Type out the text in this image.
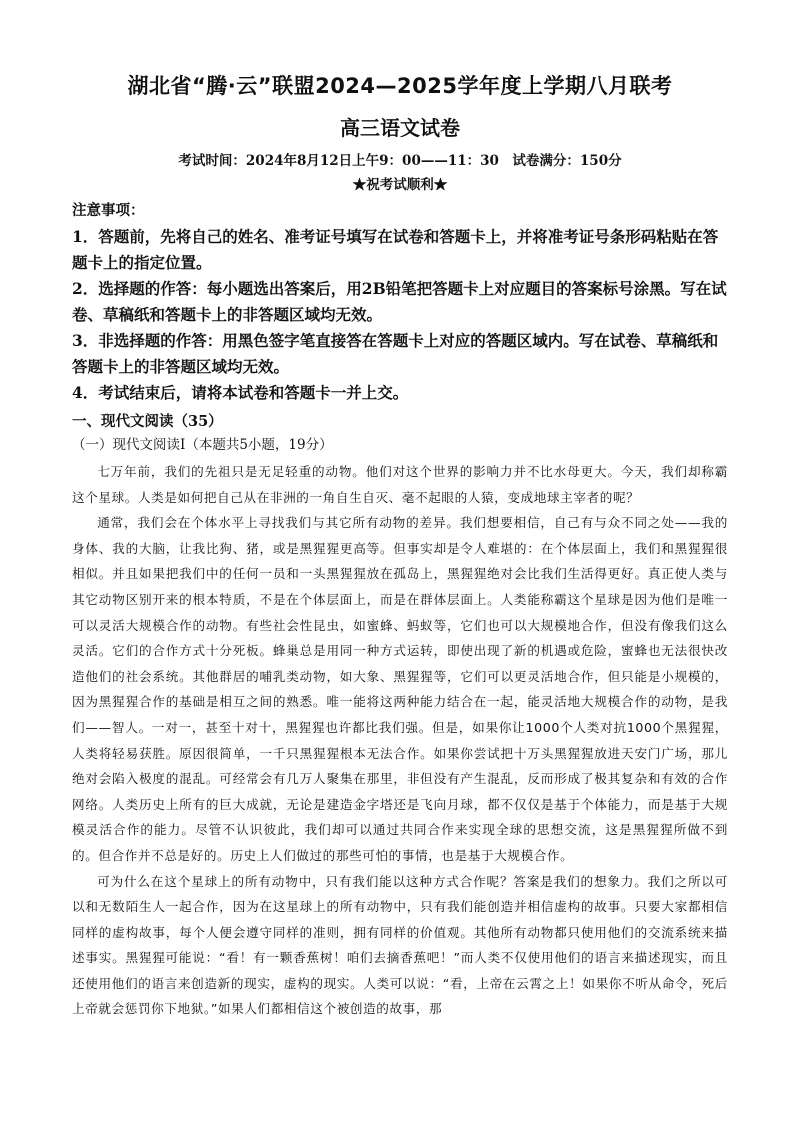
湖北省“腾·云”联盟2024—2025学年度上学期八月联考
高三语文试卷
考试时间：2024年8月12日上午9：00——11：30　试卷满分：150分
★祝考试顺利★
注意事项：

1．答题前，先将自己的姓名、准考证号填写在试卷和答题卡上，并将准考证号条形码粘贴在答题卡上的指定位置。

2．选择题的作答：每小题选出答案后，用2B铅笔把答题卡上对应题目的答案标号涂黑。写在试卷、草稿纸和答题卡上的非答题区域均无效。

3．非选择题的作答：用黑色签字笔直接答在答题卡上对应的答题区域内。写在试卷、草稿纸和答题卡上的非答题区域均无效。

4．考试结束后，请将本试卷和答题卡一并上交。

一、现代文阅读（35）
（一）现代文阅读Ⅰ（本题共5小题，19分）

七万年前，我们的先祖只是无足轻重的动物。他们对这个世界的影响力并不比水母更大。今天，我们却称霸这个星球。人类是如何把自己从在非洲的一角自生自灭、毫不起眼的人猿，变成地球主宰者的呢？

通常，我们会在个体水平上寻找我们与其它所有动物的差异。我们想要相信，自己有与众不同之处——我的身体、我的大脑，让我比狗、猪，或是黑猩猩更高等。但事实却是令人难堪的：在个体层面上，我们和黑猩猩很相似。并且如果把我们中的任何一员和一头黑猩猩放在孤岛上，黑猩猩绝对会比我们生活得更好。真正使人类与其它动物区别开来的根本特质，不是在个体层面上，而是在群体层面上。人类能称霸这个星球是因为他们是唯一可以灵活大规模合作的动物。有些社会性昆虫，如蜜蜂、蚂蚁等，它们也可以大规模地合作，但没有像我们这么灵活。它们的合作方式十分死板。蜂巢总是用同一种方式运转，即使出现了新的机遇或危险，蜜蜂也无法很快改造他们的社会系统。其他群居的哺乳类动物，如大象、黑猩猩等，它们可以更灵活地合作，但只能是小规模的，因为黑猩猩合作的基础是相互之间的熟悉。唯一能将这两种能力结合在一起，能灵活地大规模合作的动物，是我们——智人。一对一，甚至十对十，黑猩猩也许都比我们强。但是，如果你让1000个人类对抗1000个黑猩猩，人类将轻易获胜。原因很简单，一千只黑猩猩根本无法合作。如果你尝试把十万头黑猩猩放进天安门广场，那儿绝对会陷入极度的混乱。可经常会有几万人聚集在那里，非但没有产生混乱，反而形成了极其复杂和有效的合作网络。人类历史上所有的巨大成就，无论是建造金字塔还是飞向月球，都不仅仅是基于个体能力，而是基于大规模灵活合作的能力。尽管不认识彼此，我们却可以通过共同合作来实现全球的思想交流，这是黑猩猩所做不到的。但合作并不总是好的。历史上人们做过的那些可怕的事情，也是基于大规模合作。

可为什么在这个星球上的所有动物中，只有我们能以这种方式合作呢？答案是我们的想象力。我们之所以可以和无数陌生人一起合作，因为在这星球上的所有动物中，只有我们能创造并相信虚构的故事。只要大家都相信同样的虚构故事，每个人便会遵守同样的准则，拥有同样的价值观。其他所有动物都只使用他们的交流系统来描述事实。黑猩猩可能说：“看！有一颗香蕉树！咱们去摘香蕉吧！”而人类不仅使用他们的语言来描述现实，而且还使用他们的语言来创造新的现实，虚构的现实。人类可以说：“看，上帝在云霄之上！如果你不听从命令，死后上帝就会惩罚你下地狱。”如果人们都相信这个被创造的故事，那
